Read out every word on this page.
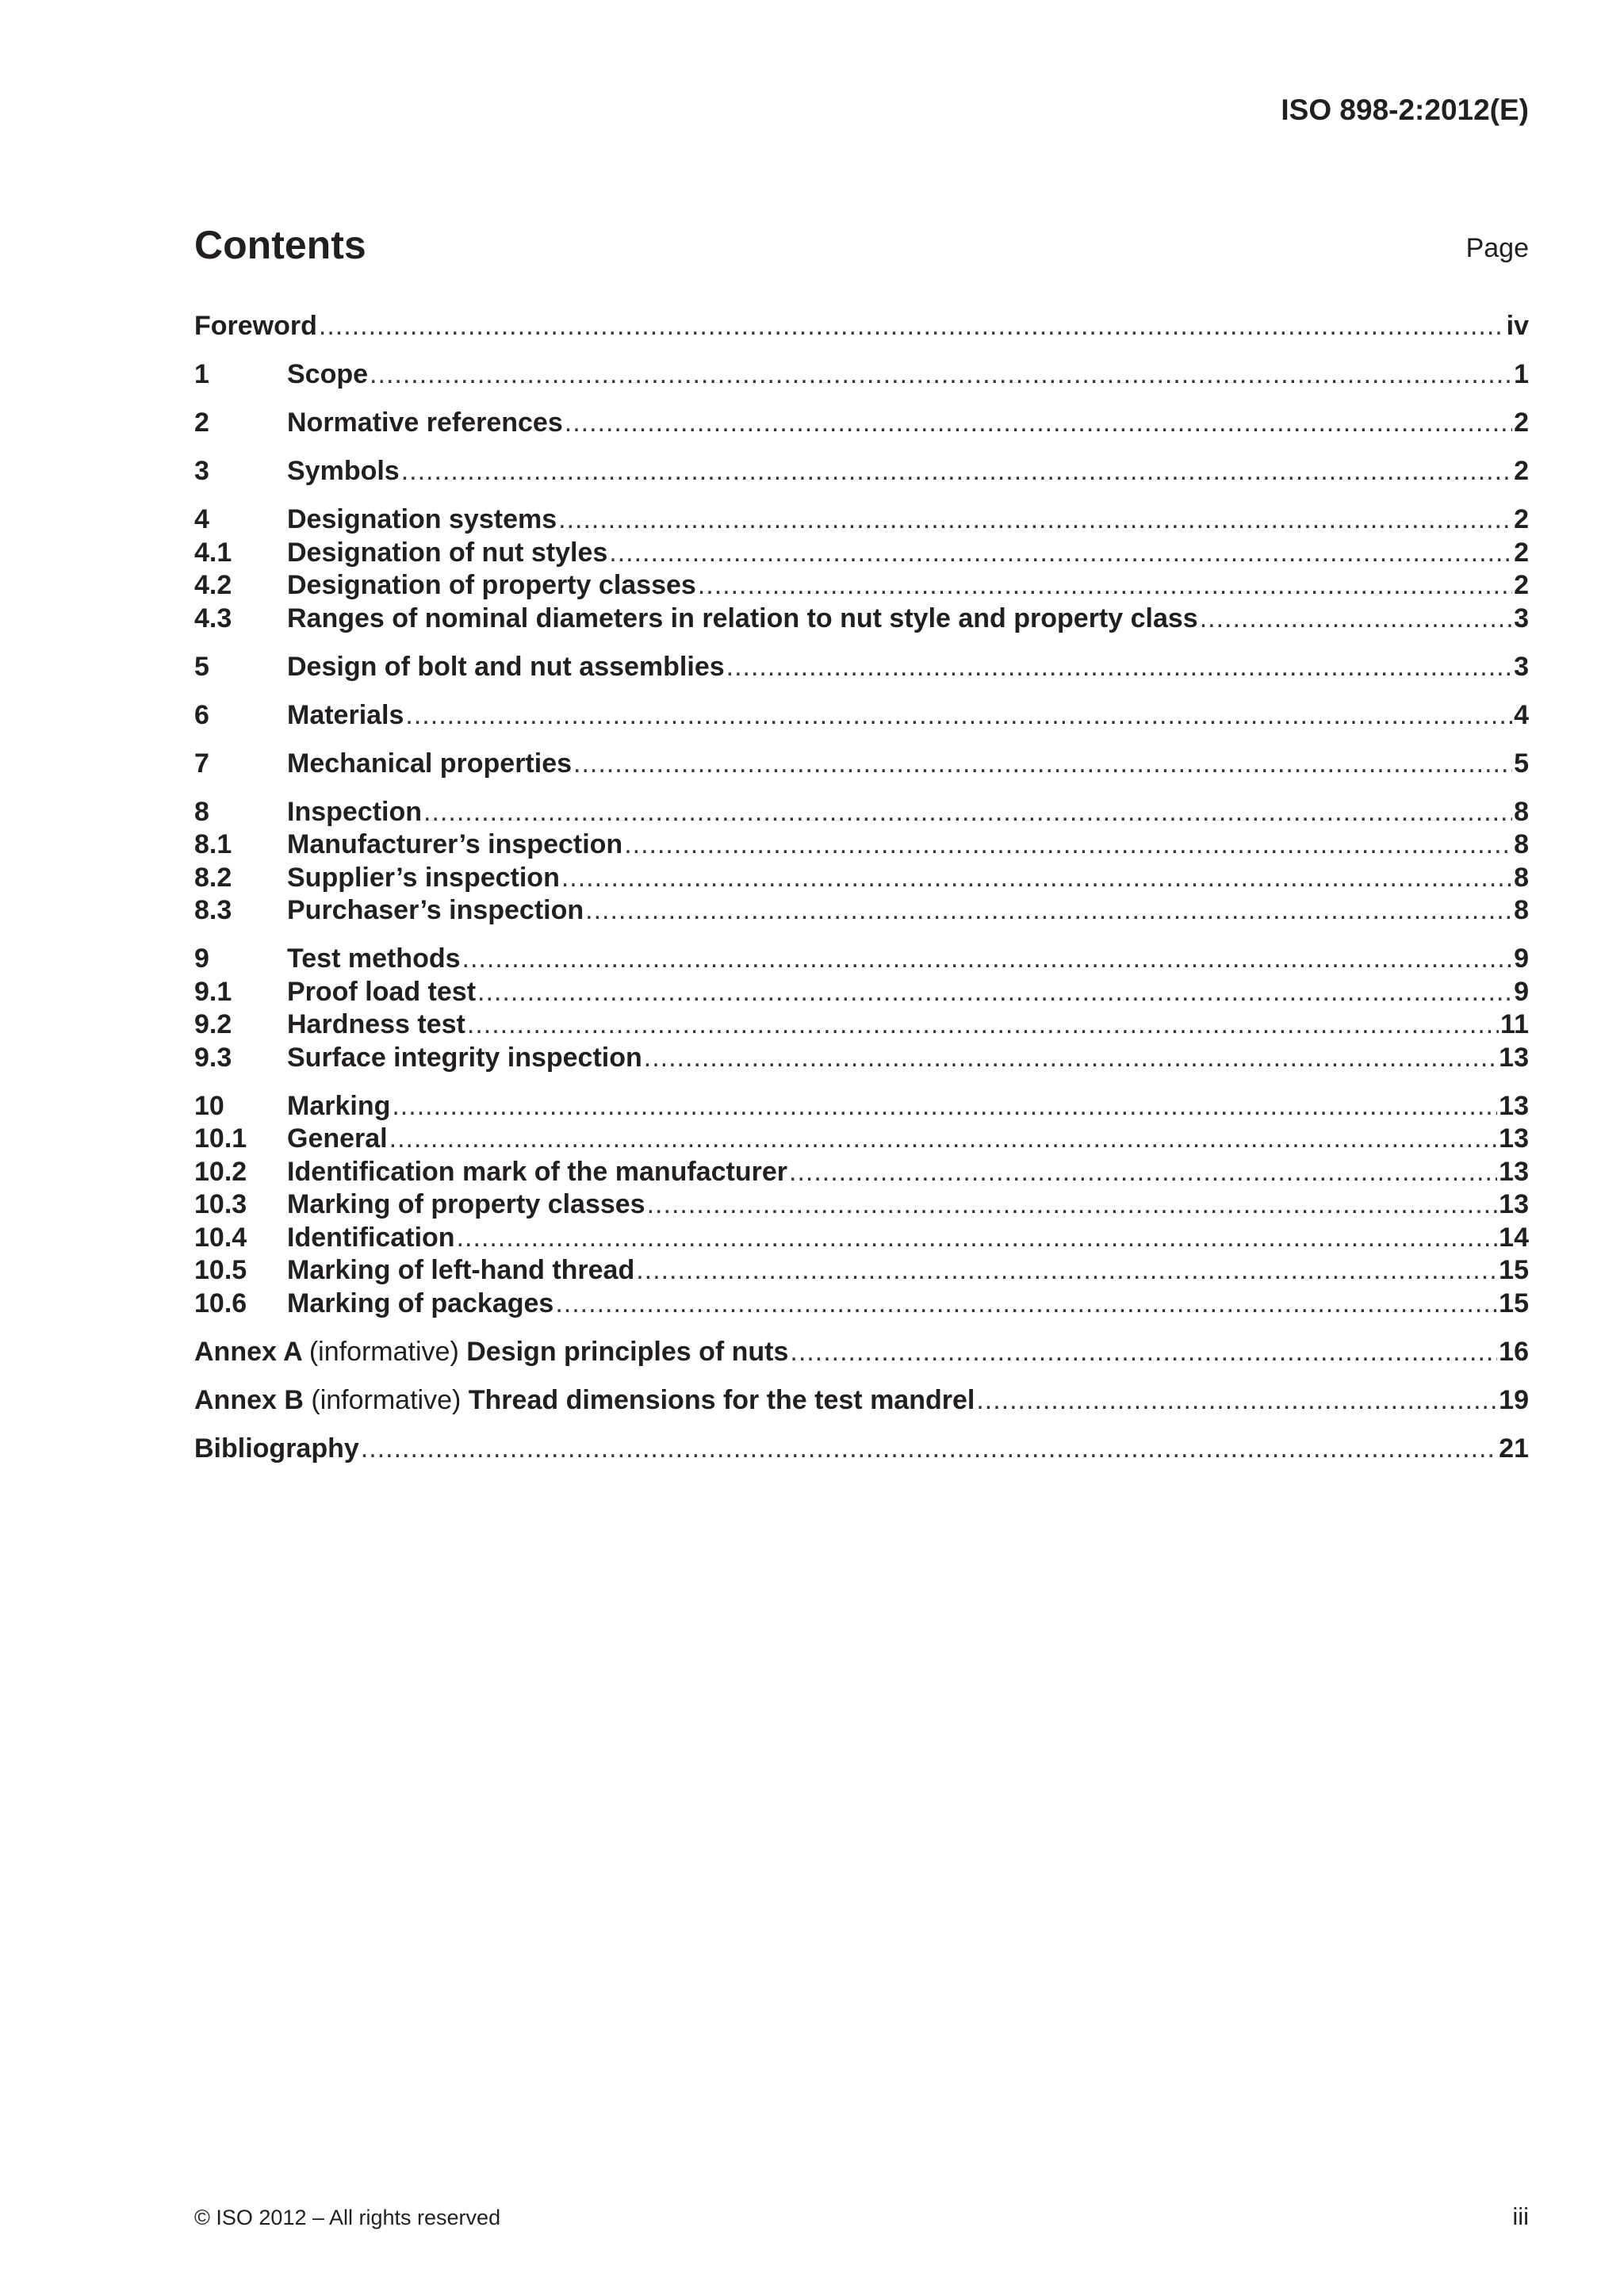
ISO 898-2:2012(E)
Contents	Page
Foreword .....	iv
1	Scope .....	1
2	Normative references .....	2
3	Symbols .....	2
4	Designation systems .....	2
4.1	Designation of nut styles .....	2
4.2	Designation of property classes .....	2
4.3	Ranges of nominal diameters in relation to nut style and property class .....	3
5	Design of bolt and nut assemblies .....	3
6	Materials .....	4
7	Mechanical properties .....	5
8	Inspection .....	8
8.1	Manufacturer’s inspection .....	8
8.2	Supplier’s inspection .....	8
8.3	Purchaser’s inspection .....	8
9	Test methods .....	9
9.1	Proof load test .....	9
9.2	Hardness test .....	11
9.3	Surface integrity inspection .....	13
10	Marking .....	13
10.1	General .....	13
10.2	Identification mark of the manufacturer .....	13
10.3	Marking of property classes .....	13
10.4	Identification .....	14
10.5	Marking of left-hand thread .....	15
10.6	Marking of packages .....	15
Annex A (informative) Design principles of nuts .....	16
Annex B (informative) Thread dimensions for the test mandrel .....	19
Bibliography .....	21
© ISO 2012 – All rights reserved	iii
